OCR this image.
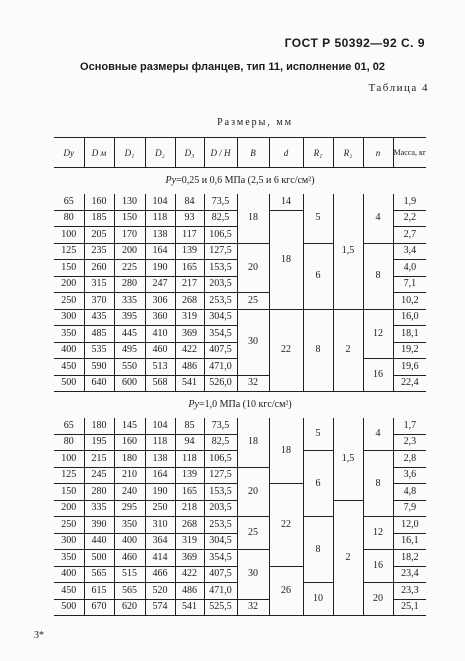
ГОСТ Р 50392—92 С. 9
Основные размеры фланцев, тип 11, исполнение 01, 02
Таблица 4
	Размеры, мм										
Dу	D м	D₁	D₂	D₃	D / H	B	d	R₁	R₂	n	Масса, кг
Pу=0,25 и 0,6 МПа (2,5 и 6 кгс/см²)											
65	160	130	104	84	73,5	18	14	5	1,5	4	1,9
80	185	150	118	93	82,5		18				2,2
100	205	170	138	117	106,5						2,7
125	235	200	164	139	127,5	20		6		8	3,4
150	260	225	190	165	153,5						4,0
200	315	280	247	217	203,5						7,1
250	370	335	306	268	253,5	25					10,2
300	435	395	360	319	304,5	30	22	8	2	12	16,0
350	485	445	410	369	354,5						18,1
400	535	495	460	422	407,5						19,2
450	590	550	513	486	471,0					16	19,6
500	640	600	568	541	526,0	32					22,4
Pу=1,0 МПа (10 кгс/см²)											
65	180	145	104	85	73,5	18	18	5	1,5	4	1,7
80	195	160	118	94	82,5						2,3
100	215	180	138	118	106,5			6		8	2,8
125	245	210	164	139	127,5	20					3,6
150	280	240	190	165	153,5		22				4,8
200	335	295	250	218	203,5				2		7,9
250	390	350	310	268	253,5	25		8		12	12,0
300	440	400	364	319	304,5						16,1
350	500	460	414	369	354,5	30				16	18,2
400	565	515	466	422	407,5		26				23,4
450	615	565	520	486	471,0			10		20	23,3
500	670	620	574	541	525,5	32					25,1
3*
